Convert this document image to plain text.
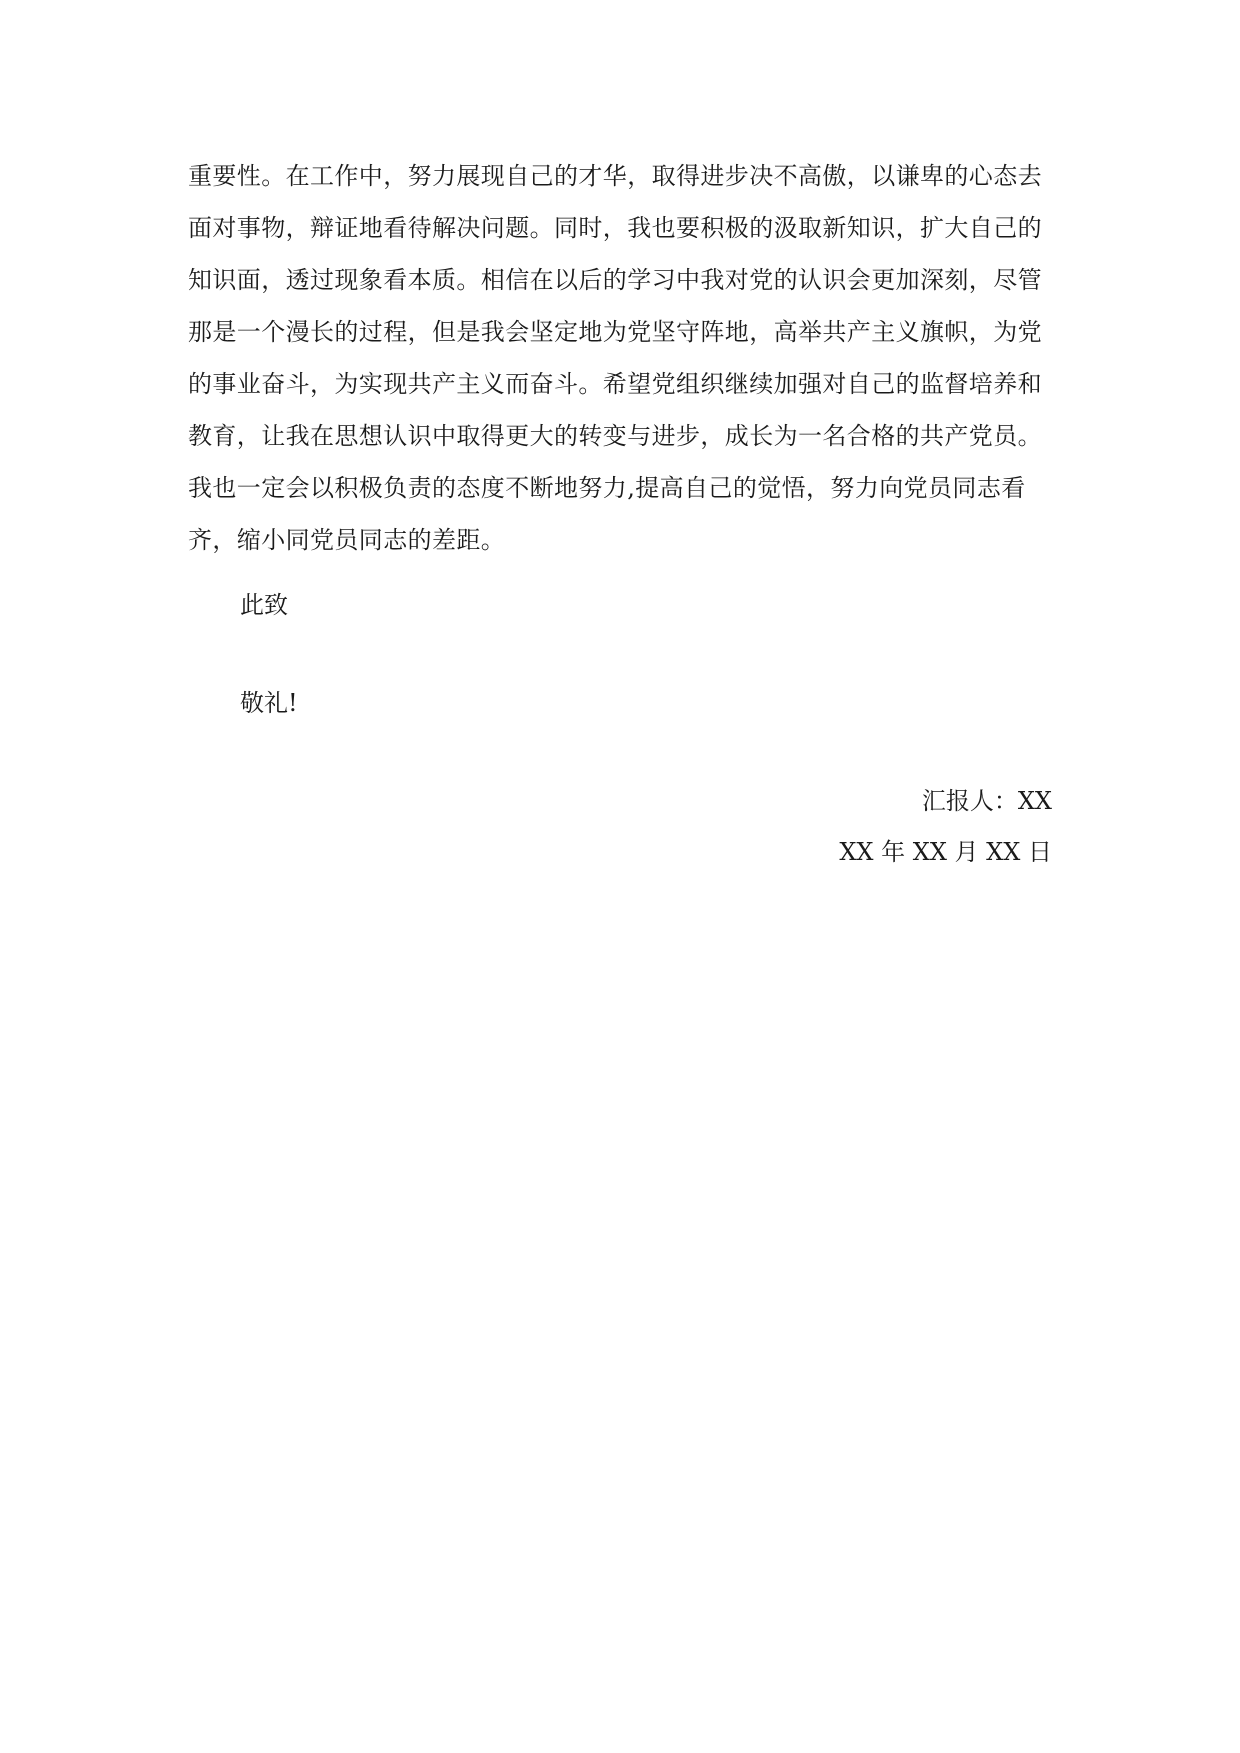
重要性。在工作中，努力展现自己的才华，取得进步决不高傲，以谦卑的心态去
面对事物，辩证地看待解决问题。同时，我也要积极的汲取新知识，扩大自己的
知识面，透过现象看本质。相信在以后的学习中我对党的认识会更加深刻，尽管
那是一个漫长的过程，但是我会坚定地为党坚守阵地，高举共产主义旗帜，为党
的事业奋斗，为实现共产主义而奋斗。希望党组织继续加强对自己的监督培养和
教育，让我在思想认识中取得更大的转变与进步，成长为一名合格的共产党员。
我也一定会以积极负责的态度不断地努力,提高自己的觉悟，努力向党员同志看
齐，缩小同党员同志的差距。
此致
敬礼!
汇报人：XX
XX 年 XX 月 XX 日
